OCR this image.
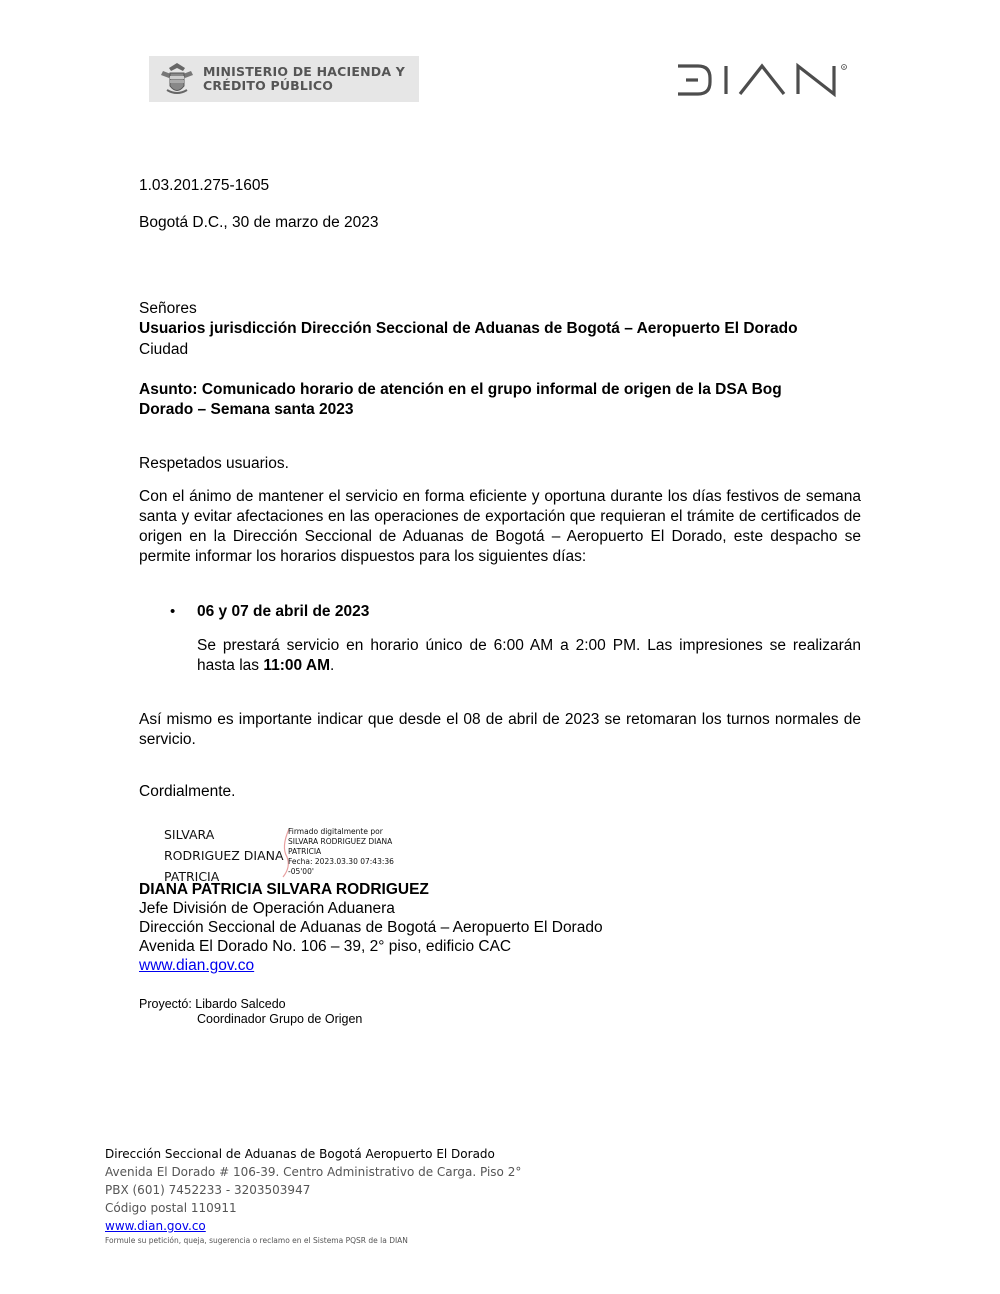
MINISTERIO DE HACIENDA Y
CRÉDITO PÚBLICO
R
1.03.201.275-1605
Bogotá D.C., 30 de marzo de 2023
Señores
Usuarios jurisdicción Dirección Seccional de Aduanas de Bogotá – Aeropuerto El Dorado
Ciudad
Asunto: Comunicado horario de atención en el grupo informal de origen de la DSA Bog
Dorado – Semana santa 2023
Respetados usuarios.
Con el ánimo de mantener el servicio en forma eficiente y oportuna durante los días festivos de semana santa y evitar afectaciones en las operaciones de exportación que requieran el trámite de certificados de origen en la Dirección Seccional de Aduanas de Bogotá – Aeropuerto El Dorado, este despacho se permite informar los horarios dispuestos para los siguientes días:
• 06 y 07 de abril de 2023
Se prestará servicio en horario único de 6:00 AM a 2:00 PM. Las impresiones se realizarán hasta las 11:00 AM.
Así mismo es importante indicar que desde el 08 de abril de 2023 se retomaran los turnos normales de servicio.
Cordialmente.
SILVARA
RODRIGUEZ DIANA
PATRICIA
Firmado digitalmente por
SILVARA RODRIGUEZ DIANA
PATRICIA
Fecha: 2023.03.30 07:43:36
-05'00'
DIANA PATRICIA SILVARA RODRIGUEZ
Jefe División de Operación Aduanera
Dirección Seccional de Aduanas de Bogotá – Aeropuerto El Dorado
Avenida El Dorado No. 106 – 39, 2° piso, edificio CAC
www.dian.gov.co
Proyectó: Libardo Salcedo
Coordinador Grupo de Origen
Dirección Seccional de Aduanas de Bogotá Aeropuerto El Dorado
Avenida El Dorado # 106-39. Centro Administrativo de Carga. Piso 2°
PBX (601) 7452233 - 3203503947
Código postal 110911
www.dian.gov.co
Formule su petición, queja, sugerencia o reclamo en el Sistema PQSR de la DIAN
